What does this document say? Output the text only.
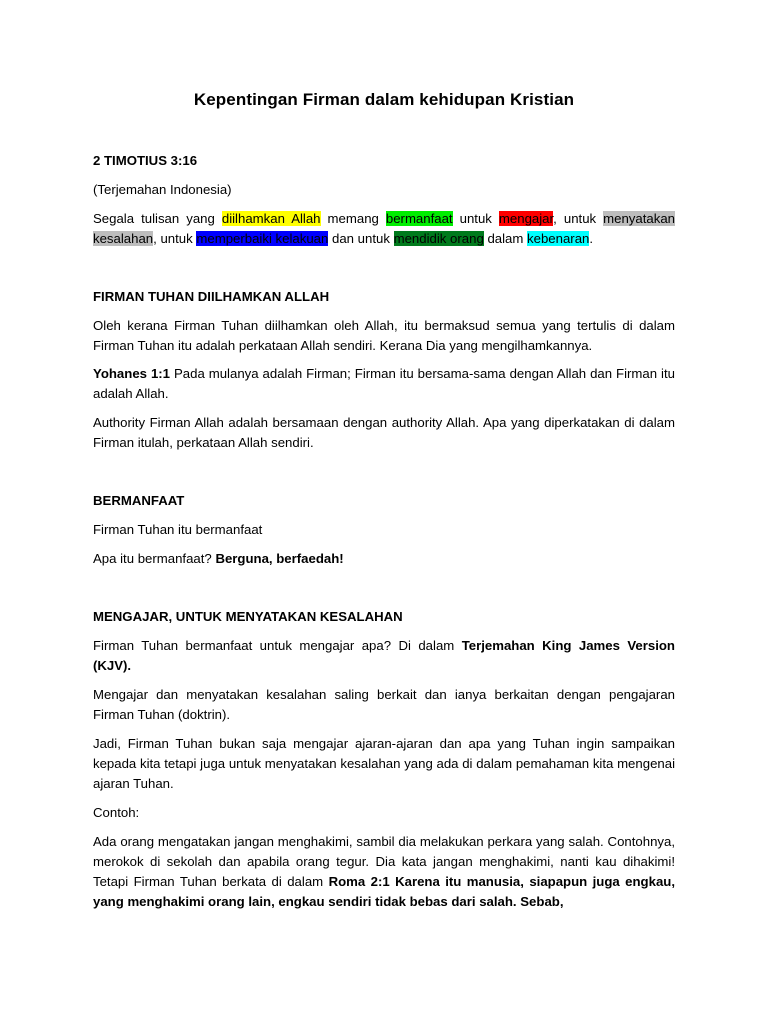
Kepentingan Firman dalam kehidupan Kristian

2 TIMOTIUS 3:16

(Terjemahan Indonesia)

Segala tulisan yang diilhamkan Allah memang bermanfaat untuk mengajar, untuk menyatakan kesalahan, untuk memperbaiki kelakuan dan untuk mendidik orang dalam kebenaran.

FIRMAN TUHAN DIILHAMKAN ALLAH

Oleh kerana Firman Tuhan diilhamkan oleh Allah, itu bermaksud semua yang tertulis di dalam Firman Tuhan itu adalah perkataan Allah sendiri. Kerana Dia yang mengilhamkannya.

Yohanes 1:1 Pada mulanya adalah Firman; Firman itu bersama-sama dengan Allah dan Firman itu adalah Allah.

Authority Firman Allah adalah bersamaan dengan authority Allah. Apa yang diperkatakan di dalam Firman itulah, perkataan Allah sendiri.

BERMANFAAT

Firman Tuhan itu bermanfaat

Apa itu bermanfaat? Berguna, berfaedah!

MENGAJAR, UNTUK MENYATAKAN KESALAHAN

Firman Tuhan bermanfaat untuk mengajar apa? Di dalam Terjemahan King James Version (KJV).

Mengajar dan menyatakan kesalahan saling berkait dan ianya berkaitan dengan pengajaran Firman Tuhan (doktrin).

Jadi, Firman Tuhan bukan saja mengajar ajaran-ajaran dan apa yang Tuhan ingin sampaikan kepada kita tetapi juga untuk menyatakan kesalahan yang ada di dalam pemahaman kita mengenai ajaran Tuhan.

Contoh:

Ada orang mengatakan jangan menghakimi, sambil dia melakukan perkara yang salah. Contohnya, merokok di sekolah dan apabila orang tegur. Dia kata jangan menghakimi, nanti kau dihakimi! Tetapi Firman Tuhan berkata di dalam Roma 2:1 Karena itu manusia, siapapun juga engkau, yang menghakimi orang lain, engkau sendiri tidak bebas dari salah. Sebab,
